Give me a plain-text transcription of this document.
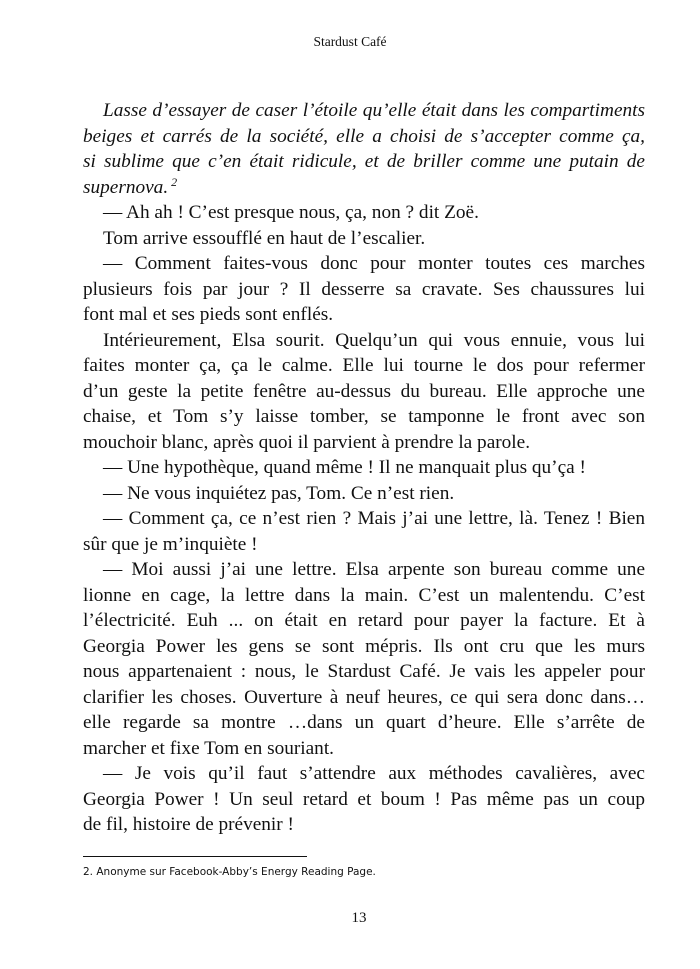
Stardust Café
Lasse d’essayer de caser l’étoile qu’elle était dans les compartiments
beiges et carrés de la société, elle a choisi de s’accepter comme ça,
si sublime que c’en était ridicule, et de briller comme une putain de
supernova. $^2$
— Ah ah ! C’est presque nous, ça, non ? dit Zoë.
Tom arrive essoufflé en haut de l’escalier.
— Comment faites-vous donc pour monter toutes ces marches
plusieurs fois par jour ? Il desserre sa cravate. Ses chaussures lui
font mal et ses pieds sont enflés.
Intérieurement, Elsa sourit. Quelqu’un qui vous ennuie, vous lui
faites monter ça, ça le calme. Elle lui tourne le dos pour refermer
d’un geste la petite fenêtre au-dessus du bureau. Elle approche une
chaise, et Tom s’y laisse tomber, se tamponne le front avec son
mouchoir blanc, après quoi il parvient à prendre la parole.
— Une hypothèque, quand même ! Il ne manquait plus qu’ça !
— Ne vous inquiétez pas, Tom. Ce n’est rien.
— Comment ça, ce n’est rien ? Mais j’ai une lettre, là. Tenez ! Bien
sûr que je m’inquiète !
— Moi aussi j’ai une lettre. Elsa arpente son bureau comme une
lionne en cage, la lettre dans la main. C’est un malentendu. C’est
l’électricité. Euh ... on était en retard pour payer la facture. Et à
Georgia Power les gens se sont mépris. Ils ont cru que les murs
nous appartenaient : nous, le Stardust Café. Je vais les appeler pour
clarifier les choses. Ouverture à neuf heures, ce qui sera donc dans…
elle regarde sa montre …dans un quart d’heure. Elle s’arrête de
marcher et fixe Tom en souriant.
— Je vois qu’il faut s’attendre aux méthodes cavalières, avec
Georgia Power ! Un seul retard et boum ! Pas même pas un coup
de fil, histoire de prévenir !
2. Anonyme sur Facebook-Abby’s Energy Reading Page.
13
